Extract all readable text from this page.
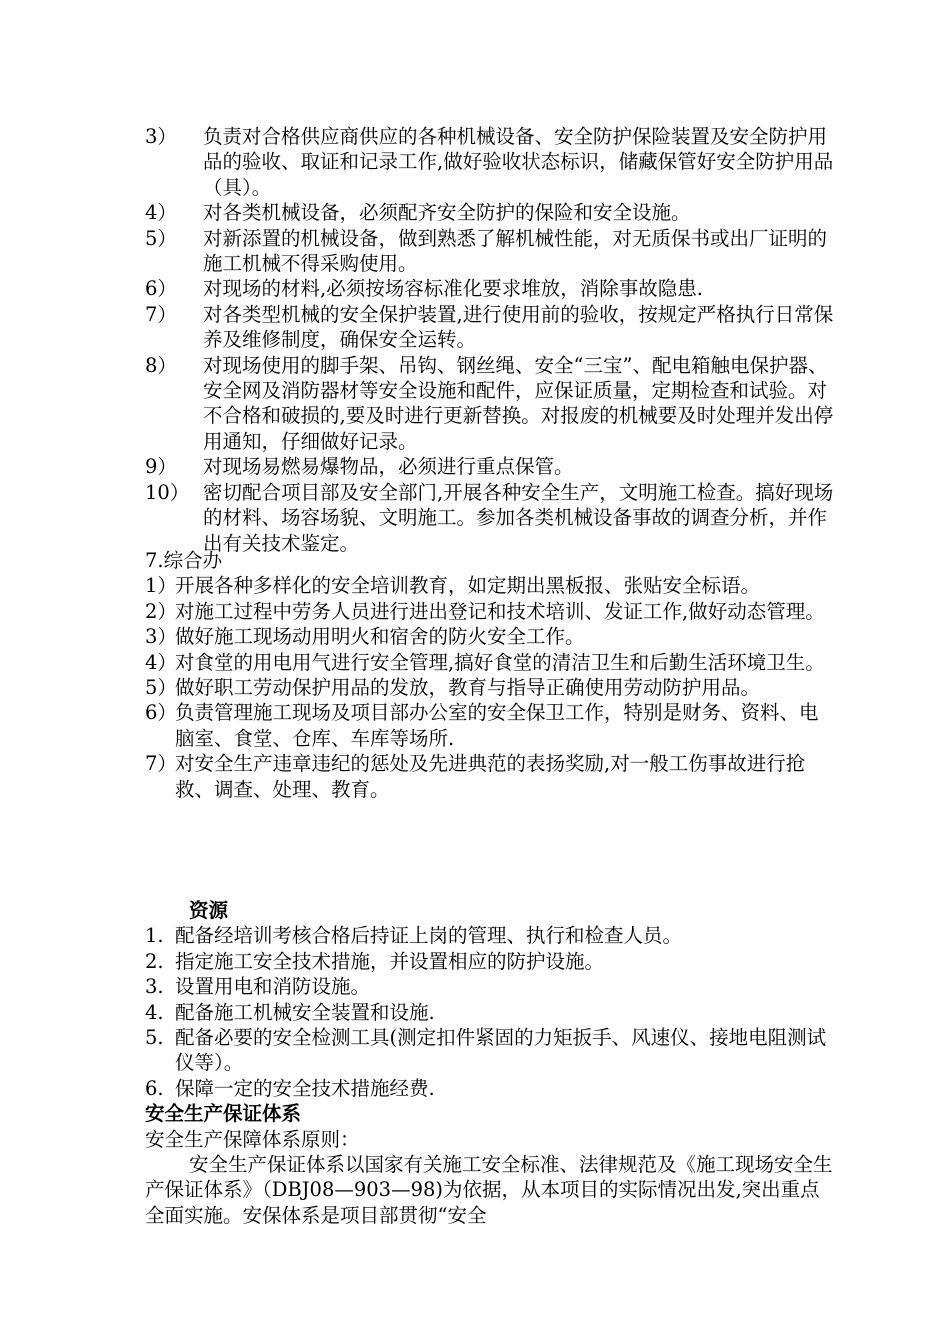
3）	负责对合格供应商供应的各种机械设备、安全防护保险装置及安全防护用品的验收、取证和记录工作,做好验收状态标识，储藏保管好安全防护用品（具）。
4）	对各类机械设备，必须配齐安全防护的保险和安全设施。
5）	对新添置的机械设备，做到熟悉了解机械性能，对无质保书或出厂证明的施工机械不得采购使用。
6）	对现场的材料,必须按场容标准化要求堆放，消除事故隐患.
7）	对各类型机械的安全保护装置,进行使用前的验收，按规定严格执行日常保养及维修制度，确保安全运转。
8）	对现场使用的脚手架、吊钩、钢丝绳、安全“三宝”、配电箱触电保护器、安全网及消防器材等安全设施和配件，应保证质量，定期检查和试验。对不合格和破损的,要及时进行更新替换。对报废的机械要及时处理并发出停用通知，仔细做好记录。
9）	对现场易燃易爆物品，必须进行重点保管。
10） 密切配合项目部及安全部门,开展各种安全生产，文明施工检查。搞好现场的材料、场容场貌、文明施工。参加各类机械设备事故的调查分析，并作出有关技术鉴定。
7.综合办
1）
开展各种多样化的安全培训教育，如定期出黑板报、张贴安全标语。
2）
对施工过程中劳务人员进行进出登记和技术培训、发证工作,做好动态管理。
3）
做好施工现场动用明火和宿舍的防火安全工作。
4）
对食堂的用电用气进行安全管理,搞好食堂的清洁卫生和后勤生活环境卫生。
5）
做好职工劳动保护用品的发放，教育与指导正确使用劳动防护用品。
6）
负责管理施工现场及项目部办公室的安全保卫工作，特别是财务、资料、电脑室、食堂、仓库、车库等场所.
7）
对安全生产违章违纪的惩处及先进典范的表扬奖励,对一般工伤事故进行抢救、调查、处理、教育。
资源
1. 配备经培训考核合格后持证上岗的管理、执行和检查人员。
2. 指定施工安全技术措施，并设置相应的防护设施。
3. 设置用电和消防设施。
4. 配备施工机械安全装置和设施.
5. 配备必要的安全检测工具(测定扣件紧固的力矩扳手、风速仪、接地电阻测试仪等）。
6. 保障一定的安全技术措施经费.
安全生产保证体系
安全生产保障体系原则：
安全生产保证体系以国家有关施工安全标准、法律规范及《施工现场安全生产保证体系》（DBJ08—903—98)为依据，从本项目的实际情况出发,突出重点全面实施。安保体系是项目部贯彻“安全
